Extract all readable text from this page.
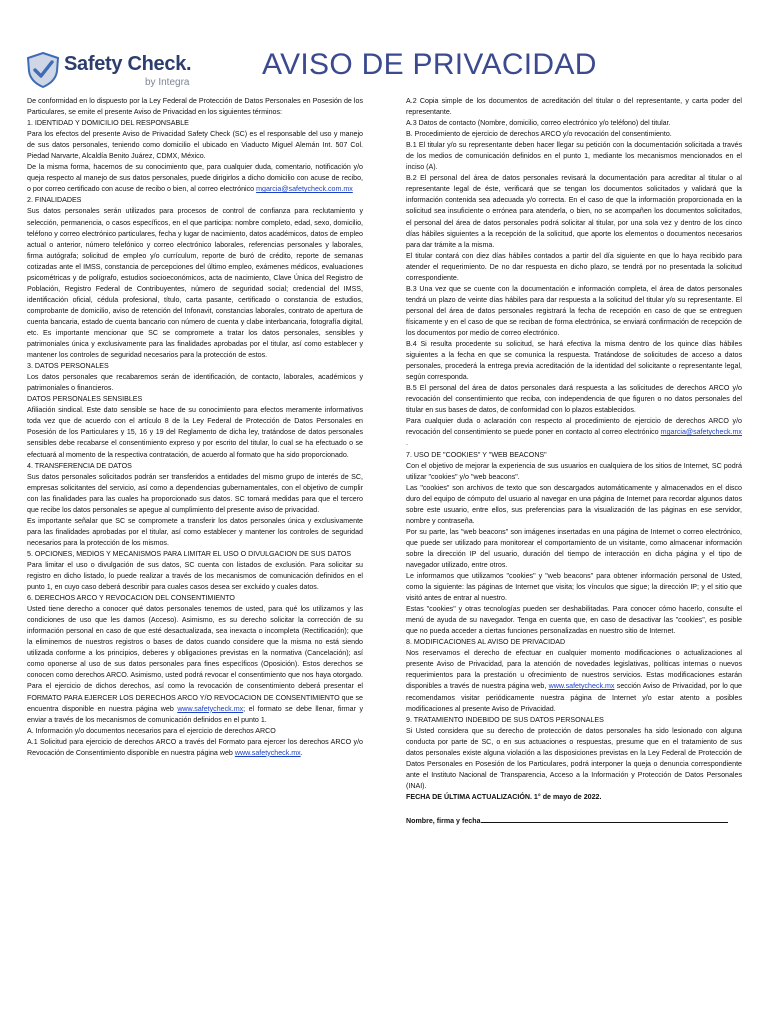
Safety Check.
by Integra
AVISO DE PRIVACIDAD

De conformidad en lo dispuesto por la Ley Federal de Protección de Datos Personales en Posesión de los Particulares, se emite el presente Aviso de Privacidad en los siguientes términos:

1. IDENTIDAD Y DOMICILIO DEL RESPONSABLE

Para los efectos del presente Aviso de Privacidad Safety Check (SC) es el responsable del uso y manejo de sus datos personales, teniendo como domicilio el ubicado en Viaducto Miguel Alemán Int. 507 Col. Piedad Narvarte, Alcaldía Benito Juárez, CDMX, México.

De la misma forma, hacemos de su conocimiento que, para cualquier duda, comentario, notificación y/o queja respecto al manejo de sus datos personales, puede dirigirlos a dicho domicilio con acuse de recibo, o por correo certificado con acuse de recibo o bien, al correo electrónico mgarcia@safetycheck.com.mx

2. FINALIDADES

Sus datos personales serán utilizados para procesos de control de confianza para reclutamiento y selección, permanencia, o casos específicos, en el que participa: nombre completo, edad, sexo, domicilio, teléfono y correo electrónico particulares, fecha y lugar de nacimiento, datos académicos, datos de empleo actual o anterior, número telefónico y correo electrónico laborales, referencias personales y laborales, firma autógrafa; solicitud de empleo y/o currículum, reporte de buró de crédito, reporte de semanas cotizadas ante el IMSS, constancia de percepciones del último empleo, exámenes médicos, evaluaciones psicométricas y de polígrafo, estudios socioeconómicos, acta de nacimiento, Clave Única del Registro de Población, Registro Federal de Contribuyentes, número de seguridad social; credencial del IMSS, identificación oficial, cédula profesional, título, carta pasante, certificado o constancia de estudios, comprobante de domicilio, aviso de retención del Infonavit, constancias laborales, contrato de apertura de cuenta bancaria, estado de cuenta bancario con número de cuenta y clabe interbancaria, fotografía digital, etc. Es importante mencionar que SC se compromete a tratar los datos personales, sensibles y patrimoniales única y exclusivamente para las finalidades aprobadas por el titular, así como establecer y mantener los controles de seguridad necesarios para la protección de estos.

3. DATOS PERSONALES

Los datos personales que recabaremos serán de identificación, de contacto, laborales, académicos y patrimoniales o financieros.

DATOS PERSONALES SENSIBLES

Afiliación sindical. Este dato sensible se hace de su conocimiento para efectos meramente informativos toda vez que de acuerdo con el artículo 8 de la Ley Federal de Protección de Datos Personales en Posesión de los Particulares y 15, 16 y 19 del Reglamento de dicha ley, tratándose de datos personales sensibles debe recabarse el consentimiento expreso y por escrito del titular, lo cual se ha efectuado o se efectuará al momento de la respectiva contratación, de acuerdo al formato que ha sido proporcionado.

4. TRANSFERENCIA DE DATOS

Sus datos personales solicitados podrán ser transferidos a entidades del mismo grupo de interés de SC, empresas solicitantes del servicio, así como a dependencias gubernamentales, con el objetivo de cumplir con las finalidades para las cuales ha proporcionado sus datos. SC tomará medidas para que el tercero que recibe los datos personales se apegue al cumplimiento del presente aviso de privacidad.

Es importante señalar que SC se compromete a transferir los datos personales única y exclusivamente para las finalidades aprobadas por el titular, así como establecer y mantener los controles de seguridad necesarios para la protección de los mismos.

5. OPCIONES, MEDIOS Y MECANISMOS PARA LIMITAR EL USO O DIVULGACION DE SUS DATOS

Para limitar el uso o divulgación de sus datos, SC cuenta con listados de exclusión. Para solicitar su registro en dicho listado, lo puede realizar a través de los mecanismos de comunicación definidos en el punto 1, en cuyo caso deberá describir para cuales casos desea ser excluido y cuales datos.

6. DERECHOS ARCO Y REVOCACION DEL CONSENTIMIENTO

Usted tiene derecho a conocer qué datos personales tenemos de usted, para qué los utilizamos y las condiciones de uso que les damos (Acceso). Asimismo, es su derecho solicitar la corrección de su información personal en caso de que esté desactualizada, sea inexacta o incompleta (Rectificación); que la eliminemos de nuestros registros o bases de datos cuando considere que la misma no está siendo utilizada conforme a los principios, deberes y obligaciones previstas en la normativa (Cancelación); así como oponerse al uso de sus datos personales para fines específicos (Oposición). Estos derechos se conocen como derechos ARCO. Asimismo, usted podrá revocar el consentimiento que nos haya otorgado. Para el ejercicio de dichos derechos, así como la revocación de consentimiento deberá presentar el FORMATO PARA EJERCER LOS DERECHOS ARCO Y/O REVOCACION DE CONSENTIMIENTO que se encuentra disponible en nuestra página web www.safetycheck.mx; el formato se debe llenar, firmar y enviar a través de los mecanismos de comunicación definidos en el punto 1.

A. Información y/o documentos necesarios para el ejercicio de derechos ARCO

A.1 Solicitud para ejercicio de derechos ARCO a través del Formato para ejercer los derechos ARCO y/o Revocación de Consentimiento disponible en nuestra página web www.safetycheck.mx.

A.2 Copia simple de los documentos de acreditación del titular o del representante, y carta poder del representante.

A.3 Datos de contacto (Nombre, domicilio, correo electrónico y/o teléfono) del titular.

B. Procedimiento de ejercicio de derechos ARCO y/o revocación del consentimiento.

B.1 El titular y/o su representante deben hacer llegar su petición con la documentación solicitada a través de los medios de comunicación definidos en el punto 1, mediante los mecanismos mencionados en el inciso (A).

B.2 El personal del área de datos personales revisará la documentación para acreditar al titular o al representante legal de éste, verificará que se tengan los documentos solicitados y validará que la información contenida sea adecuada y/o correcta. En el caso de que la información proporcionada en la solicitud sea insuficiente o errónea para atenderla, o bien, no se acompañen los documentos solicitados, el personal del área de datos personales podrá solicitar al titular, por una sola vez y dentro de los cinco días hábiles siguientes a la recepción de la solicitud, que aporte los elementos o documentos necesarios para dar trámite a la misma.

El titular contará con diez días hábiles contados a partir del día siguiente en que lo haya recibido para atender el requerimiento. De no dar respuesta en dicho plazo, se tendrá por no presentada la solicitud correspondiente.

B.3 Una vez que se cuente con la documentación e información completa, el área de datos personales tendrá un plazo de veinte días hábiles para dar respuesta a la solicitud del titular y/o su representante. El personal del área de datos personales registrará la fecha de recepción en caso de que se entreguen físicamente y en el caso de que se reciban de forma electrónica, se enviará confirmación de recepción de los documentos por medio de correo electrónico.

B.4 Si resulta procedente su solicitud, se hará efectiva la misma dentro de los quince días hábiles siguientes a la fecha en que se comunica la respuesta. Tratándose de solicitudes de acceso a datos personales, procederá la entrega previa acreditación de la identidad del solicitante o representante legal, según corresponda.

B.5 El personal del área de datos personales dará respuesta a las solicitudes de derechos ARCO y/o revocación del consentimiento que reciba, con independencia de que figuren o no datos personales del titular en sus bases de datos, de conformidad con lo plazos establecidos.

Para cualquier duda o aclaración con respecto al procedimiento de ejercicio de derechos ARCO y/o revocación del consentimiento se puede poner en contacto al correo electrónico mgarcia@safetycheck.mx .

7. USO DE "COOKIES" Y "WEB BEACONS"

Con el objetivo de mejorar la experiencia de sus usuarios en cualquiera de los sitios de Internet, SC podrá utilizar "cookies" y/o "web beacons".

Las "cookies" son archivos de texto que son descargados automáticamente y almacenados en el disco duro del equipo de cómputo del usuario al navegar en una página de Internet para recordar algunos datos sobre este usuario, entre ellos, sus preferencias para la visualización de las páginas en ese servidor, nombre y contraseña.

Por su parte, las "web beacons" son imágenes insertadas en una página de Internet o correo electrónico, que puede ser utilizado para monitorear el comportamiento de un visitante, como almacenar información sobre la dirección IP del usuario, duración del tiempo de interacción en dicha página y el tipo de navegador utilizado, entre otros.

Le informamos que utilizamos "cookies" y "web beacons" para obtener información personal de Usted, como la siguiente: las páginas de Internet que visita; los vínculos que sigue; la dirección IP; y el sitio que visitó antes de entrar al nuestro.

Estas "cookies" y otras tecnologías pueden ser deshabilitadas. Para conocer cómo hacerlo, consulte el menú de ayuda de su navegador. Tenga en cuenta que, en caso de desactivar las "cookies", es posible que no pueda acceder a ciertas funciones personalizadas en nuestro sitio de Internet.

8. MODIFICACIONES AL AVISO DE PRIVACIDAD

Nos reservamos el derecho de efectuar en cualquier momento modificaciones o actualizaciones al presente Aviso de Privacidad, para la atención de novedades legislativas, políticas internas o nuevos requerimientos para la prestación u ofrecimiento de nuestros servicios. Estas modificaciones estarán disponibles a través de nuestra página web, www.safetycheck.mx sección Aviso de Privacidad, por lo que recomendamos visitar periódicamente nuestra página de Internet y/o estar atento a posibles modificaciones al presente Aviso de Privacidad.

9. TRATAMIENTO INDEBIDO DE SUS DATOS PERSONALES

Si Usted considera que su derecho de protección de datos personales ha sido lesionado con alguna conducta por parte de SC, o en sus actuaciones o respuestas, presume que en el tratamiento de sus datos personales existe alguna violación a las disposiciones previstas en la Ley Federal de Protección de Datos Personales en Posesión de los Particulares, podrá interponer la queja o denuncia correspondiente ante el Instituto Nacional de Transparencia, Acceso a la Información y Protección de Datos Personales (INAI).

FECHA DE ÚLTIMA ACTUALIZACIÓN. 1° de mayo de 2022.

Nombre, firma y fecha
